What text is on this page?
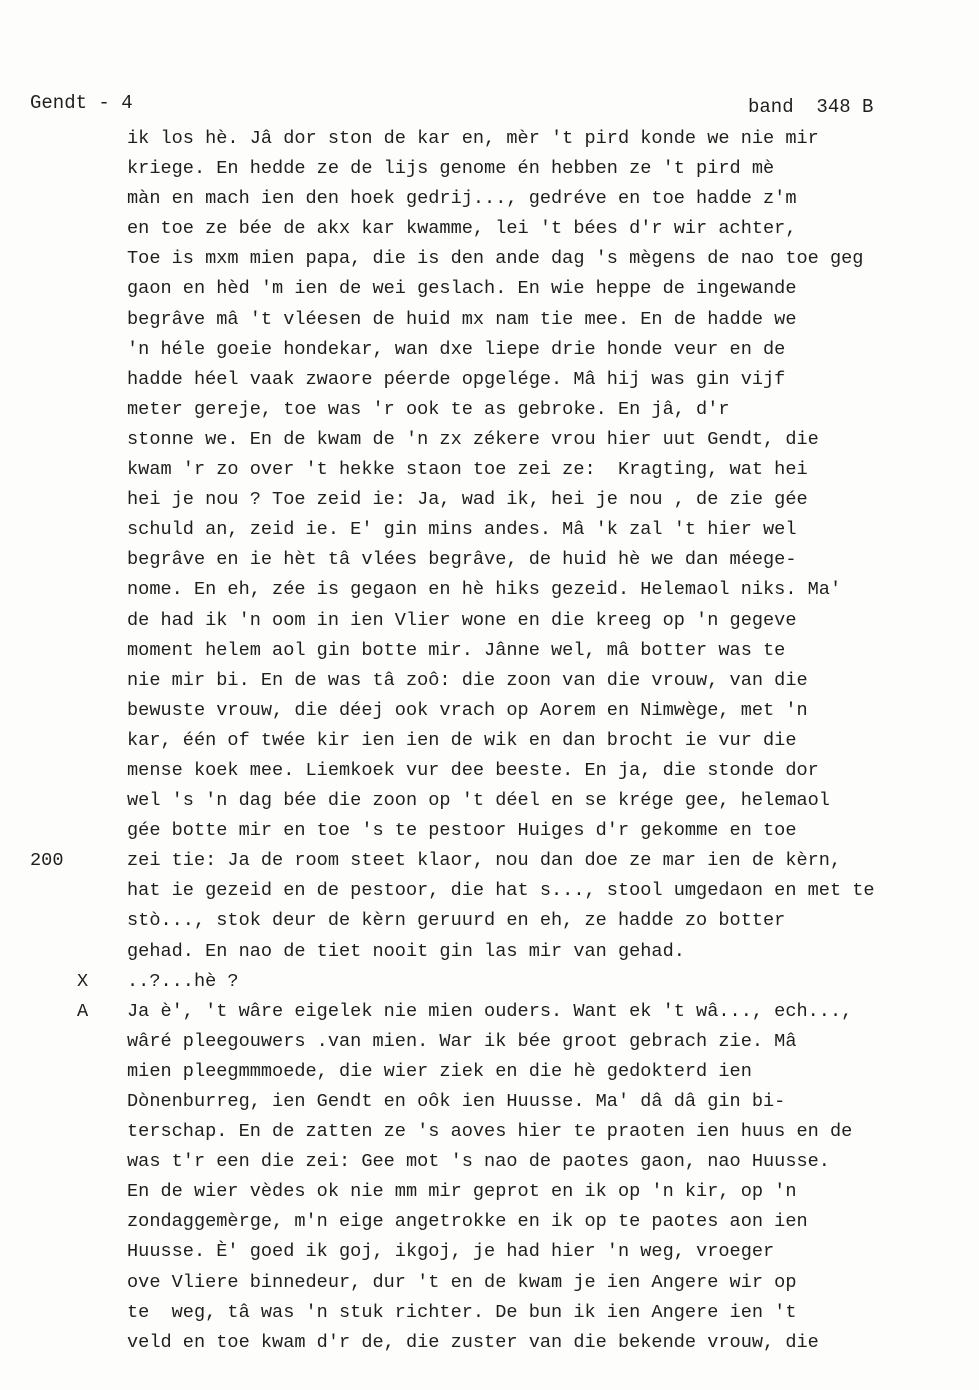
Gendt - 4	band  348 B
ik los hè. Jâ dor ston de kar en, mèr 't pird konde we nie mir
kriege. En hedde ze de lijs genome én hebben ze 't pird mè
màn en mach ien den hoek gedrij..., gedréve en toe hadde z'm
en toe ze bée de akx kar kwamme, lei 't bées d'r wir achter,
Toe is mxm mien papa, die is den ande dag 's mègens de nao toe geg
gaon en hèd 'm ien de wei geslach. En wie heppe de ingewande
begrâve mâ 't vléesen de huid mx nam tie mee. En de hadde we
'n héle goeie hondekar, wan dxe liepe drie honde veur en de
hadde héel vaak zwaore péerde opgelége. Mâ hij was gin vijf
meter gereje, toe was 'r ook te as gebroke. En jâ, d'r
stonne we. En de kwam de 'n zx zékere vrou hier uut Gendt, die
kwam 'r zo over 't hekke staon toe zei ze:  Kragting, wat hei
hei je nou ? Toe zeid ie: Ja, wad ik, hei je nou , de zie gée
schuld an, zeid ie. E' gin mins andes. Mâ 'k zal 't hier wel
begrâve en ie hèt tâ vlées begrâve, de huid hè we dan méege-
nome. En eh, zée is gegaon en hè hiks gezeid. Helemaol niks. Ma'
de had ik 'n oom in ien Vlier wone en die kreeg op 'n gegeve
moment helem aol gin botte mir. Jânne wel, mâ botter was te
nie mir bi. En de was tâ zoô: die zoon van die vrouw, van die
bewuste vrouw, die déej ook vrach op Aorem en Nimwège, met 'n
kar, één of twée kir ien ien de wik en dan brocht ie vur die
mense koek mee. Liemkoek vur dee beeste. En ja, die stonde dor
wel 's 'n dag bée die zoon op 't déel en se krége gee, helemaol
gée botte mir en toe 's te pestoor Huiges d'r gekomme en toe
200	zei tie: Ja de room steet klaor, nou dan doe ze mar ien de kèrn,
hat ie gezeid en de pestoor, die hat s..., stool umgedaon en met te
stò..., stok deur de kèrn geruurd en eh, ze hadde zo botter
gehad. En nao de tiet nooit gin las mir van gehad.
X ..?...hè ?
A Ja è', 't wâre eigelek nie mien ouders. Want ek 't wâ..., ech...,
wâré pleegouwers .van mien. War ik bée groot gebrach zie. Mâ
mien pleegmmmoede, die wier ziek en die hè gedokterd ien
Dònenburreg, ien Gendt en oôk ien Huusse. Ma' dâ dâ gin bi-
terschap. En de zatten ze 's aoves hier te praoten ien huus en de
was t'r een die zei: Gee mot 's nao de paotes gaon, nao Huusse.
En de wier vèdes ok nie mm mir geprot en ik op 'n kir, op 'n
zondaggemèrge, m'n eige angetrokke en ik op te paotes aon ien
Huusse. È' goed ik goj, ikgoj, je had hier 'n weg, vroeger
ove Vliere binnedeur, dur 't en de kwam je ien Angere wir op
te  weg, tâ was 'n stuk richter. De bun ik ien Angere ien 't
veld en toe kwam d'r de, die zuster van die bekende vrouw, die
